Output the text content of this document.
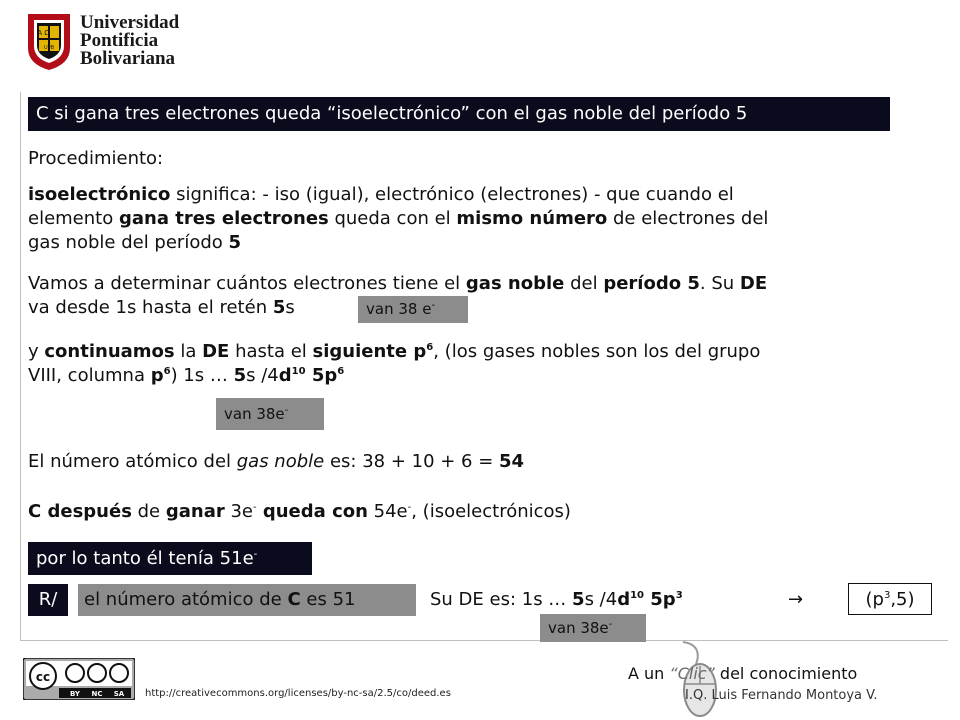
Α Ω
UPB
Universidad
Pontificia
Bolivariana
C si gana tres electrones queda “isoelectrónico” con el gas noble del período 5
Procedimiento:
isoelectrónico significa: - iso (igual), electrónico (electrones) - que cuando el
elemento gana tres electrones queda con el mismo número de electrones del
gas noble del período 5
Vamos a determinar cuántos electrones tiene el gas noble del período 5. Su DE
va desde 1s hasta el retén 5s	van 38 e-
y continuamos la DE hasta el siguiente $p^6$, (los gases nobles son los del grupo
VIII, columna $p^6$) 1s … 5s $/4d^{10}$ $5p^6$
van 38e-
El número atómico del gas noble es: 38 + 10 + 6 = 54
C después de ganar 3e- queda con 54e-, (isoelectrónicos)
por lo tanto él tenía 51e-
R/	el número atómico de C es 51	Su DE es: 1s … 5s $/4d^{10}$ $5p^3$	→	$(p^3,5)$
van 38e-
cc
BY NC SA http://creativecommons.org/licenses/by-nc-sa/2.5/co/deed.es
A un “Clic” del conocimiento
I.Q. Luis Fernando Montoya V.
